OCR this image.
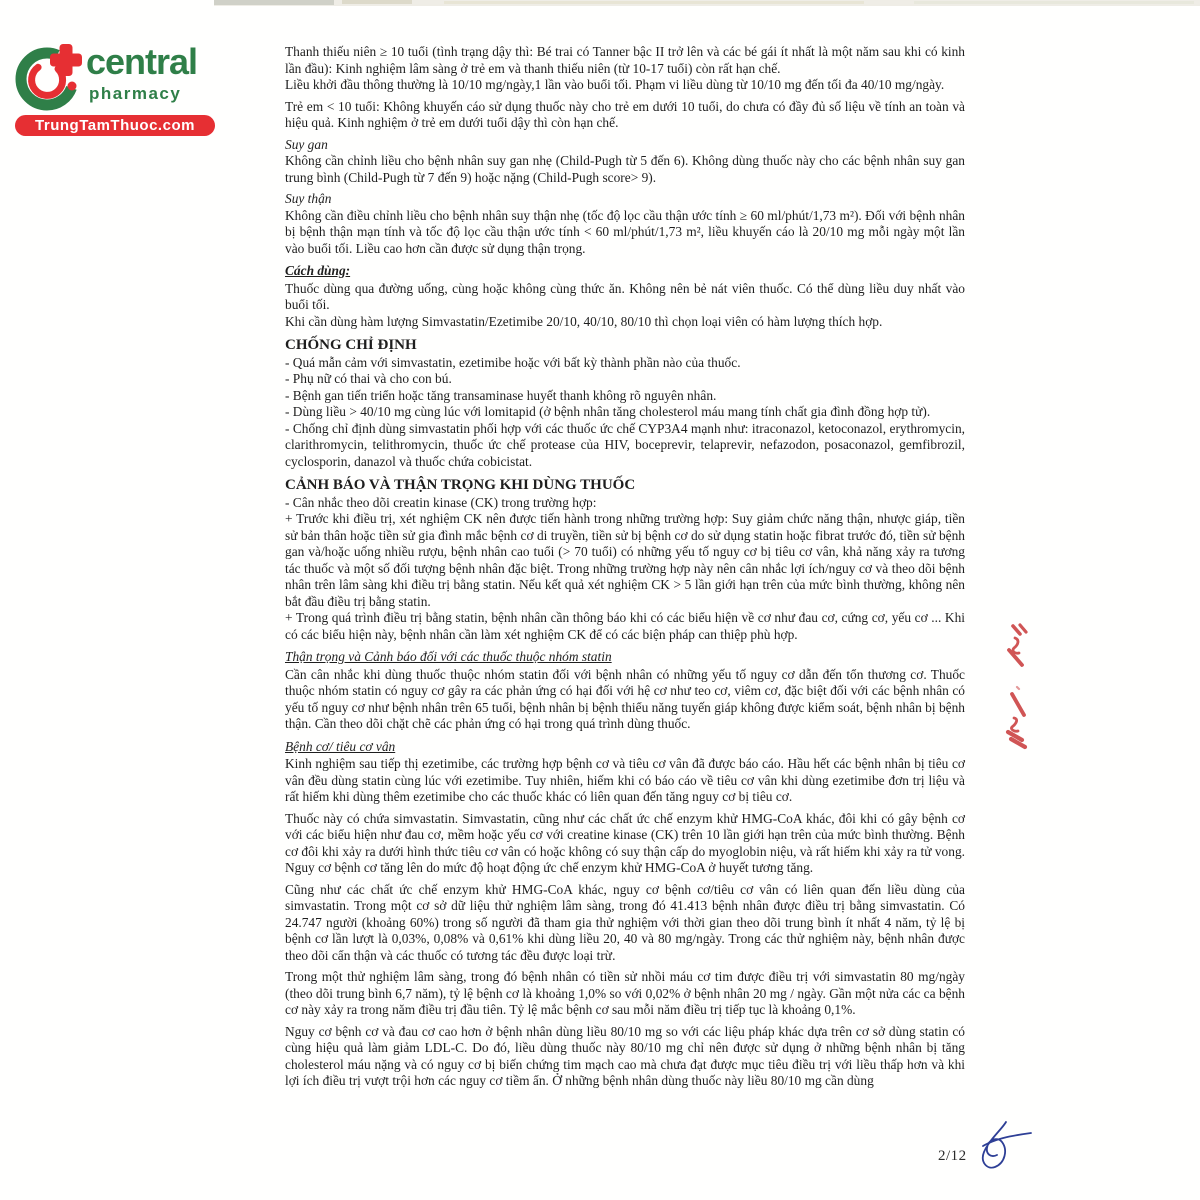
central
pharmacy
TrungTamThuoc.com

Thanh thiếu niên ≥ 10 tuổi (tình trạng dậy thì: Bé trai có Tanner bậc II trở lên và các bé gái ít nhất là một năm sau khi có kinh lần đầu): Kinh nghiệm lâm sàng ở trẻ em và thanh thiếu niên (từ 10-17 tuổi) còn rất hạn chế.

Liều khởi đầu thông thường là 10/10 mg/ngày,1 lần vào buổi tối. Phạm vi liều dùng từ 10/10 mg đến tối đa 40/10 mg/ngày.

Trẻ em < 10 tuổi: Không khuyến cáo sử dụng thuốc này cho trẻ em dưới 10 tuổi, do chưa có đầy đủ số liệu về tính an toàn và hiệu quả. Kinh nghiệm ở trẻ em dưới tuổi dậy thì còn hạn chế.

Suy gan

Không cần chỉnh liều cho bệnh nhân suy gan nhẹ (Child-Pugh từ 5 đến 6). Không dùng thuốc này cho các bệnh nhân suy gan trung bình (Child-Pugh từ 7 đến 9) hoặc nặng (Child-Pugh score> 9).

Suy thận

Không cần điều chỉnh liều cho bệnh nhân suy thận nhẹ (tốc độ lọc cầu thận ước tính ≥ 60 ml/phút/1,73 m²). Đối với bệnh nhân bị bệnh thận mạn tính và tốc độ lọc cầu thận ước tính < 60 ml/phút/1,73 m², liều khuyến cáo là 20/10 mg mỗi ngày một lần vào buổi tối. Liều cao hơn cần được sử dụng thận trọng.

Cách dùng:

Thuốc dùng qua đường uống, cùng hoặc không cùng thức ăn. Không nên bẻ nát viên thuốc. Có thể dùng liều duy nhất vào buổi tối.

Khi cần dùng hàm lượng Simvastatin/Ezetimibe 20/10, 40/10, 80/10 thì chọn loại viên có hàm lượng thích hợp.

CHỐNG CHỈ ĐỊNH

- Quá mẫn cảm với simvastatin, ezetimibe hoặc với bất kỳ thành phần nào của thuốc.

- Phụ nữ có thai và cho con bú.

- Bệnh gan tiến triển hoặc tăng transaminase huyết thanh không rõ nguyên nhân.

- Dùng liều > 40/10 mg cùng lúc với lomitapid (ở bệnh nhân tăng cholesterol máu mang tính chất gia đình đồng hợp tử).

- Chống chỉ định dùng simvastatin phối hợp với các thuốc ức chế CYP3A4 mạnh như: itraconazol, ketoconazol, erythromycin, clarithromycin, telithromycin, thuốc ức chế protease của HIV, boceprevir, telaprevir, nefazodon, posaconazol, gemfibrozil, cyclosporin, danazol và thuốc chứa cobicistat.

CẢNH BÁO VÀ THẬN TRỌNG KHI DÙNG THUỐC

- Cân nhắc theo dõi creatin kinase (CK) trong trường hợp:

+ Trước khi điều trị, xét nghiệm CK nên được tiến hành trong những trường hợp: Suy giảm chức năng thận, nhược giáp, tiền sử bản thân hoặc tiền sử gia đình mắc bệnh cơ di truyền, tiền sử bị bệnh cơ do sử dụng statin hoặc fibrat trước đó, tiền sử bệnh gan và/hoặc uống nhiều rượu, bệnh nhân cao tuổi (> 70 tuổi) có những yếu tố nguy cơ bị tiêu cơ vân, khả năng xảy ra tương tác thuốc và một số đối tượng bệnh nhân đặc biệt. Trong những trường hợp này nên cân nhắc lợi ích/nguy cơ và theo dõi bệnh nhân trên lâm sàng khi điều trị bằng statin. Nếu kết quả xét nghiệm CK > 5 lần giới hạn trên của mức bình thường, không nên bắt đầu điều trị bằng statin.

+ Trong quá trình điều trị bằng statin, bệnh nhân cần thông báo khi có các biểu hiện về cơ như đau cơ, cứng cơ, yếu cơ ... Khi có các biểu hiện này, bệnh nhân cần làm xét nghiệm CK để có các biện pháp can thiệp phù hợp.

Thận trọng và Cảnh báo đối với các thuốc thuộc nhóm statin

Cần cân nhắc khi dùng thuốc thuộc nhóm statin đối với bệnh nhân có những yếu tố nguy cơ dẫn đến tổn thương cơ. Thuốc thuộc nhóm statin có nguy cơ gây ra các phản ứng có hại đối với hệ cơ như teo cơ, viêm cơ, đặc biệt đối với các bệnh nhân có yếu tố nguy cơ như bệnh nhân trên 65 tuổi, bệnh nhân bị bệnh thiểu năng tuyến giáp không được kiểm soát, bệnh nhân bị bệnh thận. Cần theo dõi chặt chẽ các phản ứng có hại trong quá trình dùng thuốc.

Bệnh cơ/ tiêu cơ vân

Kinh nghiệm sau tiếp thị ezetimibe, các trường hợp bệnh cơ và tiêu cơ vân đã được báo cáo. Hầu hết các bệnh nhân bị tiêu cơ vân đều dùng statin cùng lúc với ezetimibe. Tuy nhiên, hiếm khi có báo cáo về tiêu cơ vân khi dùng ezetimibe đơn trị liệu và rất hiếm khi dùng thêm ezetimibe cho các thuốc khác có liên quan đến tăng nguy cơ bị tiêu cơ.

Thuốc này có chứa simvastatin. Simvastatin, cũng như các chất ức chế enzym khử HMG-CoA khác, đôi khi có gây bệnh cơ với các biểu hiện như đau cơ, mềm hoặc yếu cơ với creatine kinase (CK) trên 10 lần giới hạn trên của mức bình thường. Bệnh cơ đôi khi xảy ra dưới hình thức tiêu cơ vân có hoặc không có suy thận cấp do myoglobin niệu, và rất hiếm khi xảy ra tử vong. Nguy cơ bệnh cơ tăng lên do mức độ hoạt động ức chế enzym khử HMG-CoA ở huyết tương tăng.

Cũng như các chất ức chế enzym khử HMG-CoA khác, nguy cơ bệnh cơ/tiêu cơ vân có liên quan đến liều dùng của simvastatin. Trong một cơ sở dữ liệu thử nghiệm lâm sàng, trong đó 41.413 bệnh nhân được điều trị bằng simvastatin. Có 24.747 người (khoảng 60%) trong số người đã tham gia thử nghiệm với thời gian theo dõi trung bình ít nhất 4 năm, tỷ lệ bị bệnh cơ lần lượt là 0,03%, 0,08% và 0,61% khi dùng liều 20, 40 và 80 mg/ngày. Trong các thử nghiệm này, bệnh nhân được theo dõi cẩn thận và các thuốc có tương tác đều được loại trừ.

Trong một thử nghiệm lâm sàng, trong đó bệnh nhân có tiền sử nhồi máu cơ tim được điều trị với simvastatin 80 mg/ngày (theo dõi trung bình 6,7 năm), tỷ lệ bệnh cơ là khoảng 1,0% so với 0,02% ở bệnh nhân 20 mg / ngày. Gần một nửa các ca bệnh cơ này xảy ra trong năm điều trị đầu tiên. Tỷ lệ mắc bệnh cơ sau mỗi năm điều trị tiếp tục là khoảng 0,1%.

Nguy cơ bệnh cơ và đau cơ cao hơn ở bệnh nhân dùng liều 80/10 mg so với các liệu pháp khác dựa trên cơ sở dùng statin có cùng hiệu quả làm giảm LDL-C. Do đó, liều dùng thuốc này 80/10 mg chỉ nên được sử dụng ở những bệnh nhân bị tăng cholesterol máu nặng và có nguy cơ bị biến chứng tim mạch cao mà chưa đạt được mục tiêu điều trị với liều thấp hơn và khi lợi ích điều trị vượt trội hơn các nguy cơ tiềm ẩn. Ở những bệnh nhân dùng thuốc này liều 80/10 mg cần dùng

2/12
